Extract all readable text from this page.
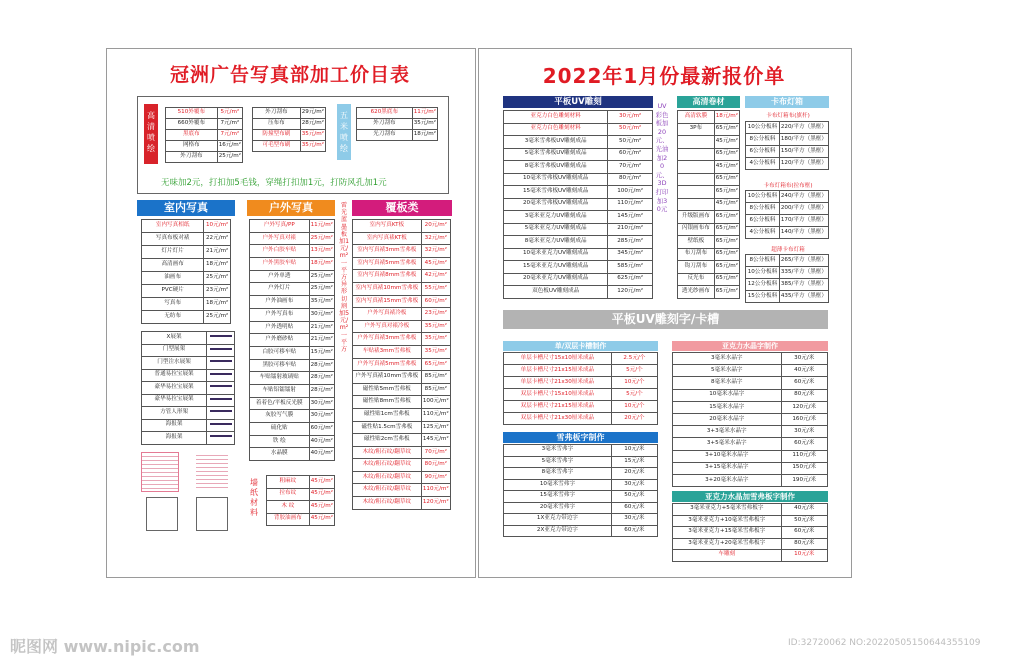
冠洲广告写真部加工价目表
高清喷绘
510外覆布	5元/m²
660外覆布	7元/m²
黑底布	7元/m²
网格布	16元/m²
外刀刮布	25元/m²
外刀刮布	29元/m²
压布布	28元/m²
防撞型布刷	35元/m²
可毛型布刷	35元/m²
五米喷绘
620黑底布	11元/m²
外刀刮布	35元/m²
光刀刮布	18元/m²
无味加2元，打扣加5毛钱，穿绳打扣加1元，打防风孔加1元
室内写真
室内写真相纸	10元/m²
写真布板对裱	22元/m²
灯片灯片	21元/m²
高清画布	18元/m²
油画布	25元/m²
PVC硬片	23元/m²
写真布	18元/m²
无纺布	25元/m²
X展架	
门型展架	
门型注水展架	
普通易拉宝展架	
豪华易拉宝展架	
豪华易拉宝展架	
方管人形架	
海报架	
海报架	
户外写真
户外写真/PP	11元/m²
户外写真对裱	25元/m²
户外白胶车贴	13元/m²
户外黑胶车贴	18元/m²
户外单透	25元/m²
户外灯片	25元/m²
户外油画布	35元/m²
户外写真布	30元/m²
户外透明贴	21元/m²
户外磨砂贴	21元/m²
白胶可移车贴	15元/m²
黑胶可移车贴	28元/m²
车贴镭射玻璃贴	28元/m²
车贴铝镭镭射	28元/m²
着着色/平板反光膜	30元/m²
灰胶写气膜	30元/m²
硫化贴	60元/m²
铁 绘	40元/m²
水晶膜	40元/m²
墙纸材料
粗麻纹	45元/m²
拉布纹	45元/m²
木 纹	45元/m²
背胶油画布	45元/m²
雷光蓝墨板加1元/m² 一平方 异形切割加5元/m² 一平方
覆板类
室内写真KT板	20元/m²
室内写真裱KT板	32元/m²
室内写真裱3mm雪弗板	32元/m²
室内写真裱5mm雪弗板	45元/m²
室内写真裱8mm雪弗板	42元/m²
室内写真裱10mm雪弗板	55元/m²
室内写真裱15mm雪弗板	60元/m²
户外写真裱冷板	23元/m²
户外写真对裱冷板	35元/m²
户外写真裱3mm雪弗板	35元/m²
车贴裱3mm雪弗板	35元/m²
户外写真裱5mm雪弗板	65元/m²
户外写真裱10mm雪弗板	85元/m²
磁性贴5mm雪弗板	85元/m²
磁性贴8mm雪弗板	100元/m²
磁性贴1cm雪弗板	110元/m²
磁性贴1.5cm雪弗板	125元/m²
磁性贴2cm雪弗板	145元/m²
木纹/粗石纹/翻草纹	70元/m²
木纹/粗石纹/翻草纹	80元/m²
木纹/粗石纹/翻草纹	90元/m²
木纹/粗石纹/翻草纹	110元/m²
木纹/粗石纹/翻草纹	120元/m²
2022年1月份最新报价单
平板UV雕刻
亚克力白色雕刻材料	30元/m²
亚克力白色雕刻材料	50元/m²
3毫米雪弗板UV雕刻成品	50元/m²
5毫米雪弗板UV雕刻成品	60元/m²
8毫米雪弗板UV雕刻成品	70元/m²
10毫米雪弗板UV雕刻成品	80元/m²
15毫米雪弗板UV雕刻成品	100元/m²
20毫米雪弗板UV雕刻成品	110元/m²
3毫米亚克力UV雕刻成品	145元/m²
5毫米亚克力UV雕刻成品	210元/m²
8毫米亚克力UV雕刻成品	285元/m²
10毫米亚克力UV雕刻成品	345元/m²
15毫米亚克力UV雕刻成品	585元/m²
20毫米亚克力UV雕刻成品	625元/m²
双色板UV雕刻成品	120元/m²
UV彩色板加20元、光油加20元、3D打印加30元
高清卷材
高清软膜	18元/m²
3P布	65元/m²
	45元/m²
	65元/m²
	45元/m²
	65元/m²
	65元/m²
	45元/m²
升级版画布	65元/m²
闪银画布布	65元/m²
壁纸板	65元/m²
布刀刮布	65元/m²
钩刀刮布	65元/m²
反光布	65元/m²
透光纱画布	65元/m²
卡布灯箱
卡布灯箱布(旗杆)
10公分板料	220/平方（黑框）
8公分板料	180/平方（黑框）
6公分板料	150/平方（黑框）
4公分板料	120/平方（黑框）
卡布灯箱布(拉布框)
10公分板料	240/平方（黑框）
8公分板料	200/平方（黑框）
6公分板料	170/平方（黑框）
4公分板料	140/平方（黑框）
超薄卡布灯箱
8公分板料	265/平方（黑框）
10公分板料	335/平方（黑框）
12公分板料	385/平方（黑框）
15公分板料	435/平方（黑框）
平板UV雕刻字/卡槽
单/双层卡槽制作
单层卡槽尺寸15x10厘米成品	2.5元/个
单层卡槽尺寸21x15厘米成品	5元/个
单层卡槽尺寸21x30厘米成品	10元/个
双层卡槽尺寸15x10厘米成品	5元/个
双层卡槽尺寸21x15厘米成品	10元/个
双层卡槽尺寸21x30厘米成品	20元/个
雪弗板字制作
3毫米雪弗字	10元/米
5毫米雪弗字	15元/米
8毫米雪弗字	20元/米
10毫米雪弗字	30元/米
15毫米雪弗字	50元/米
20毫米雪弗字	60元/米
1X亚克力带边字	30元/米
2X亚克力带边字	60元/米
亚克力水晶字制作
3毫米水晶字	30元/米
5毫米水晶字	40元/米
8毫米水晶字	60元/米
10毫米水晶字	80元/米
15毫米水晶字	120元/米
20毫米水晶字	160元/米
3+3毫米水晶字	30元/米
3+5毫米水晶字	60元/米
3+10毫米水晶字	110元/米
3+15毫米水晶字	150元/米
3+20毫米水晶字	190元/米
亚克力水晶加雪弗板字制作
3毫米亚克力+5毫米雪弗板字	40元/米
3毫米亚克力+10毫米雪弗板字	50元/米
3毫米亚克力+15毫米雪弗板字	60元/米
3毫米亚克力+20毫米雪弗板字	80元/米
车雕刻	10元/米
昵图网 www.nipic.com	ID:32720062 NO:20220505150644355109
